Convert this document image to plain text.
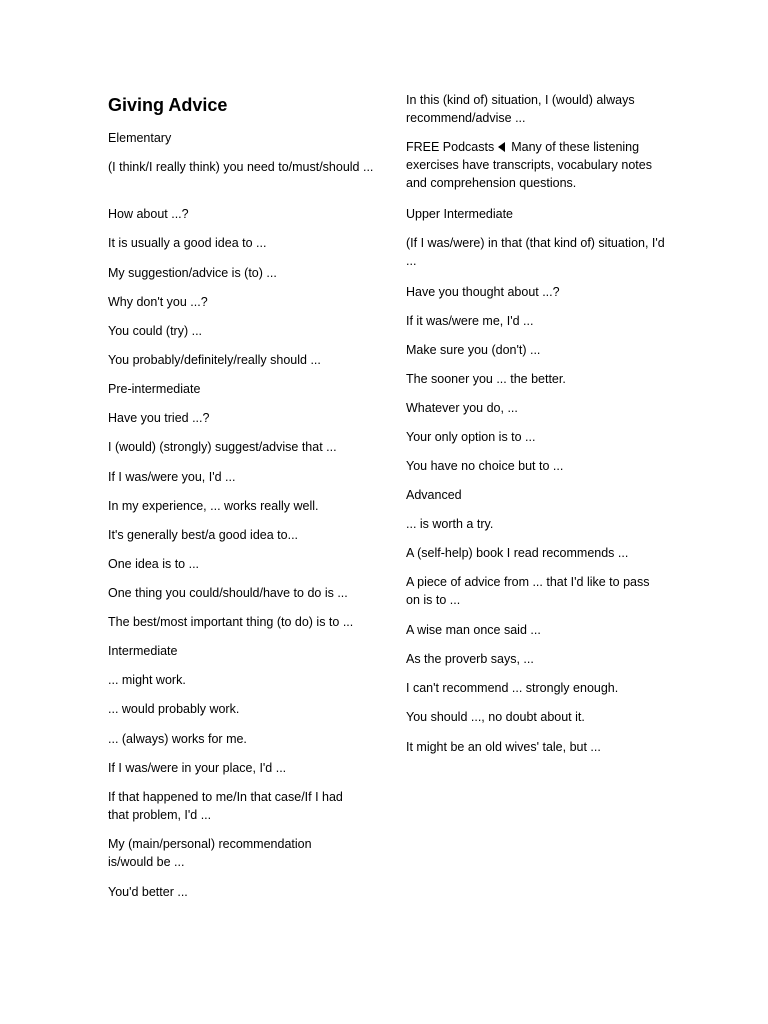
Giving Advice

Elementary

(I think/I really think) you need to/must/should ...

How about ...?

It is usually a good idea to ...

My suggestion/advice is (to) ...

Why don't you ...?

You could (try) ...

You probably/definitely/really should ...

Pre-intermediate

Have you tried ...?

I (would) (strongly) suggest/advise that ...

If I was/were you, I'd ...

In my experience, ... works really well.

It's generally best/a good idea to...

One idea is to ...

One thing you could/should/have to do is ...

The best/most important thing (to do) is to ...

Intermediate

... might work.

... would probably work.

... (always) works for me.

If I was/were in your place, I'd ...

If that happened to me/In that case/If I had that problem, I'd ...

My (main/personal) recommendation is/would be ...

You'd better ...

In this (kind of) situation, I (would) always recommend/advise ...

FREE Podcasts Many of these listening exercises have transcripts, vocabulary notes and comprehension questions.

Upper Intermediate

(If I was/were) in that (that kind of) situation, I'd ...

Have you thought about ...?

If it was/were me, I'd ...

Make sure you (don't) ...

The sooner you ... the better.

Whatever you do, ...

Your only option is to ...

You have no choice but to ...

Advanced

... is worth a try.

A (self-help) book I read recommends ...

A piece of advice from ... that I'd like to pass on is to ...

A wise man once said ...

As the proverb says, ...

I can't recommend ... strongly enough.

You should ..., no doubt about it.

It might be an old wives' tale, but ...
